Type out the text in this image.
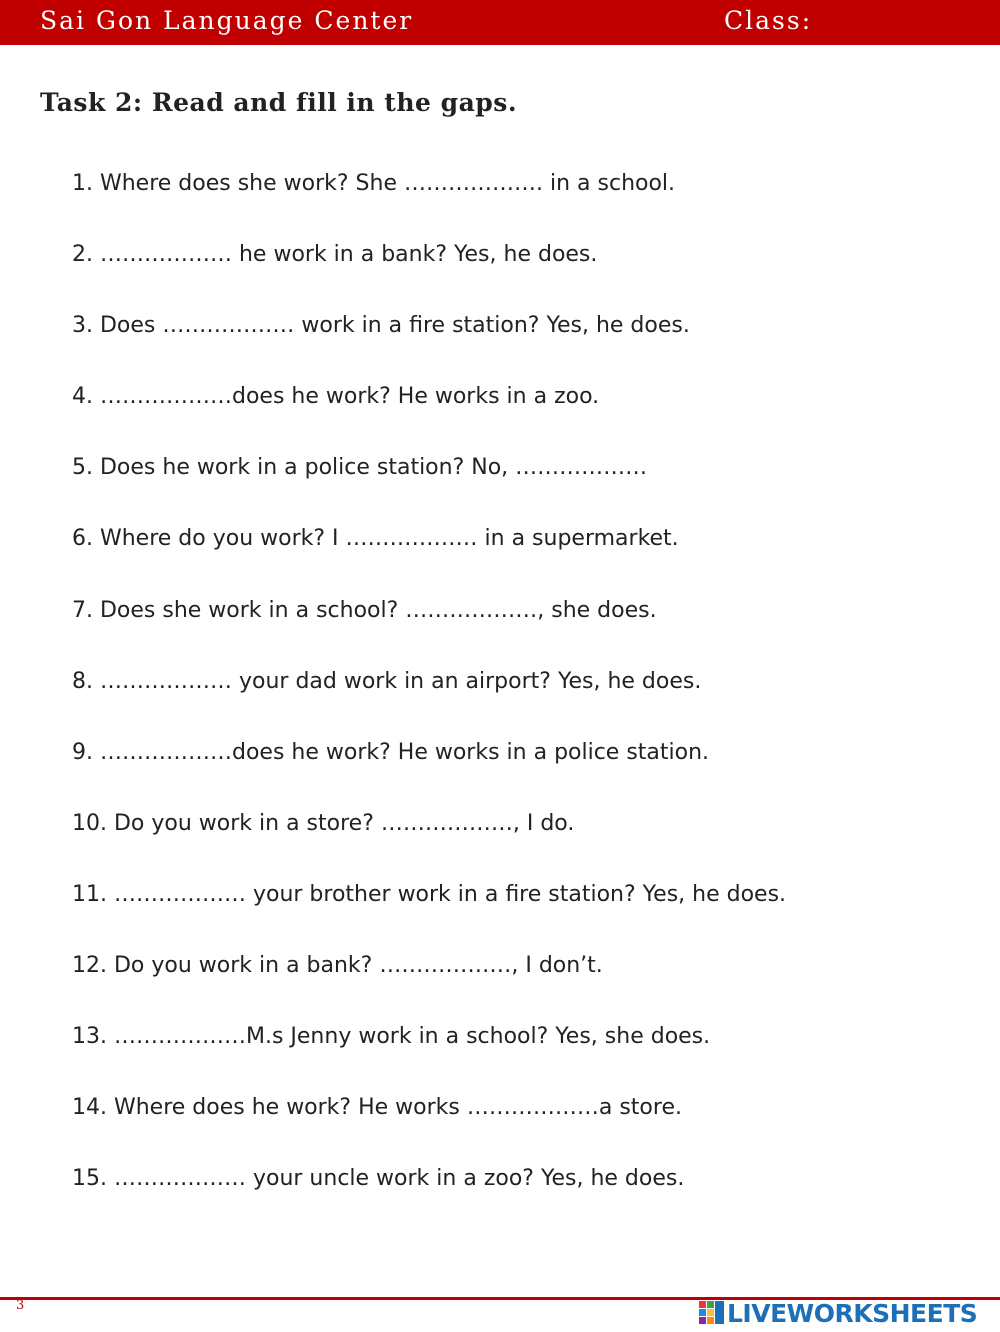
Sai Gon Language Center	Class:
Task 2: Read and fill in the gaps.
1. Where does she work? She ………………. in a school.
2. ……………… he work in a bank? Yes, he does.
3. Does ……………… work in a fire station? Yes, he does.
4. ………………does he work? He works in a zoo.
5. Does he work in a police station? No, ………………
6. Where do you work? I ……………… in a supermarket.
7. Does she work in a school? ………………, she does.
8. ……………… your dad work in an airport? Yes, he does.
9. ………………does he work? He works in a police station.
10. Do you work in a store? ………………, I do.
11. ……………… your brother work in a fire station? Yes, he does.
12. Do you work in a bank? ………………, I don’t.
13. ………………M.s Jenny work in a school? Yes, she does.
14. Where does he work? He works ………………a store.
15. ……………… your uncle work in a zoo? Yes, he does.
3	LIVEWORKSHEETS
